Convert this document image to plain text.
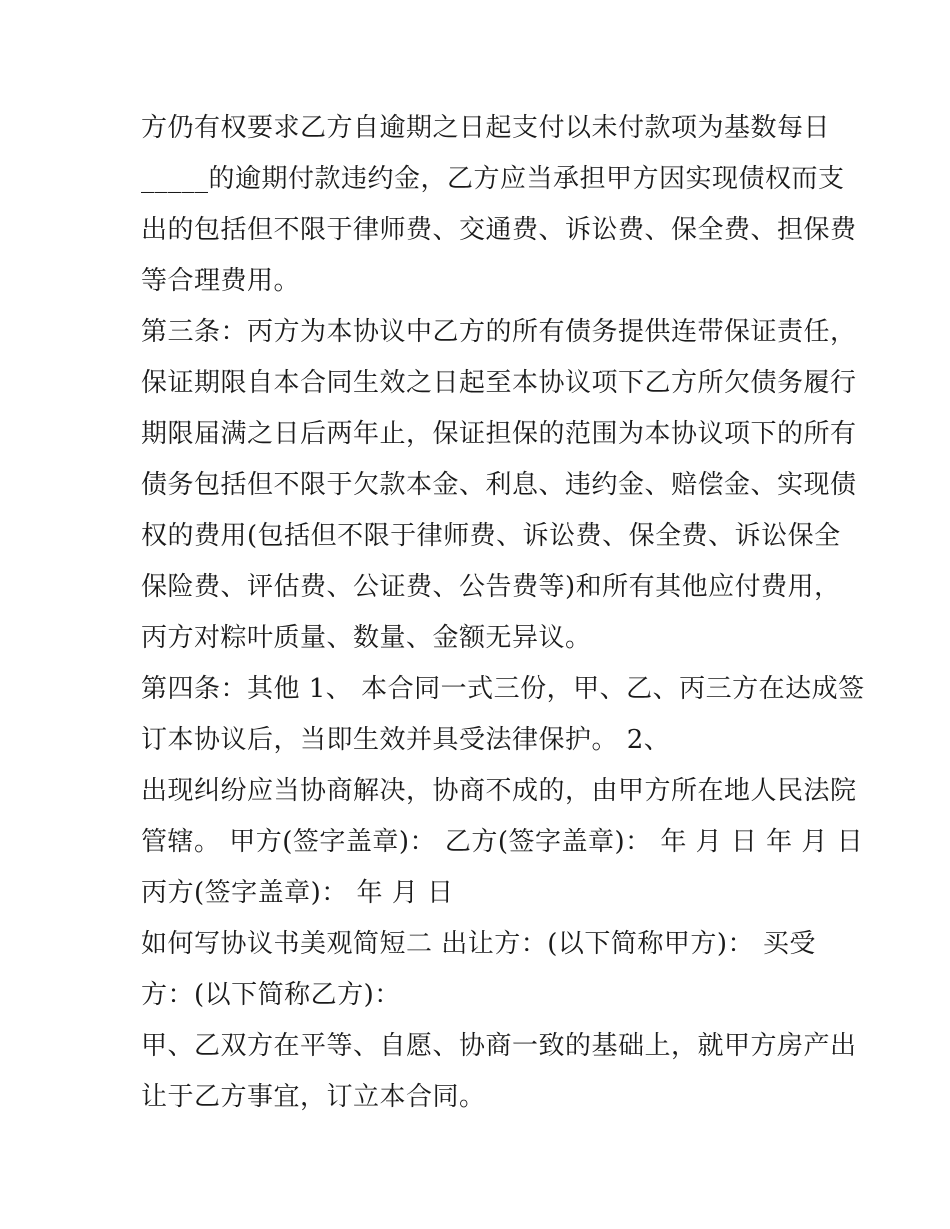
方仍有权要求乙方自逾期之日起支付以未付款项为基数每日

_____的逾期付款违约金，乙方应当承担甲方因实现债权而支

出的包括但不限于律师费、交通费、诉讼费、保全费、担保费

等合理费用。

第三条：丙方为本协议中乙方的所有债务提供连带保证责任，

保证期限自本合同生效之日起至本协议项下乙方所欠债务履行

期限届满之日后两年止，保证担保的范围为本协议项下的所有

债务包括但不限于欠款本金、利息、违约金、赔偿金、实现债

权的费用(包括但不限于律师费、诉讼费、保全费、诉讼保全

保险费、评估费、公证费、公告费等)和所有其他应付费用，

丙方对粽叶质量、数量、金额无异议。

第四条：其他 1、 本合同一式三份，甲、乙、丙三方在达成签

订本协议后，当即生效并具受法律保护。 2、

出现纠纷应当协商解决，协商不成的，由甲方所在地人民法院

管辖。 甲方(签字盖章)： 乙方(签字盖章)： 年 月 日 年 月 日

丙方(签字盖章)： 年 月 日

如何写协议书美观简短二 出让方：(以下简称甲方)： 买受

方：(以下简称乙方)：

甲、乙双方在平等、自愿、协商一致的基础上，就甲方房产出

让于乙方事宜，订立本合同。
